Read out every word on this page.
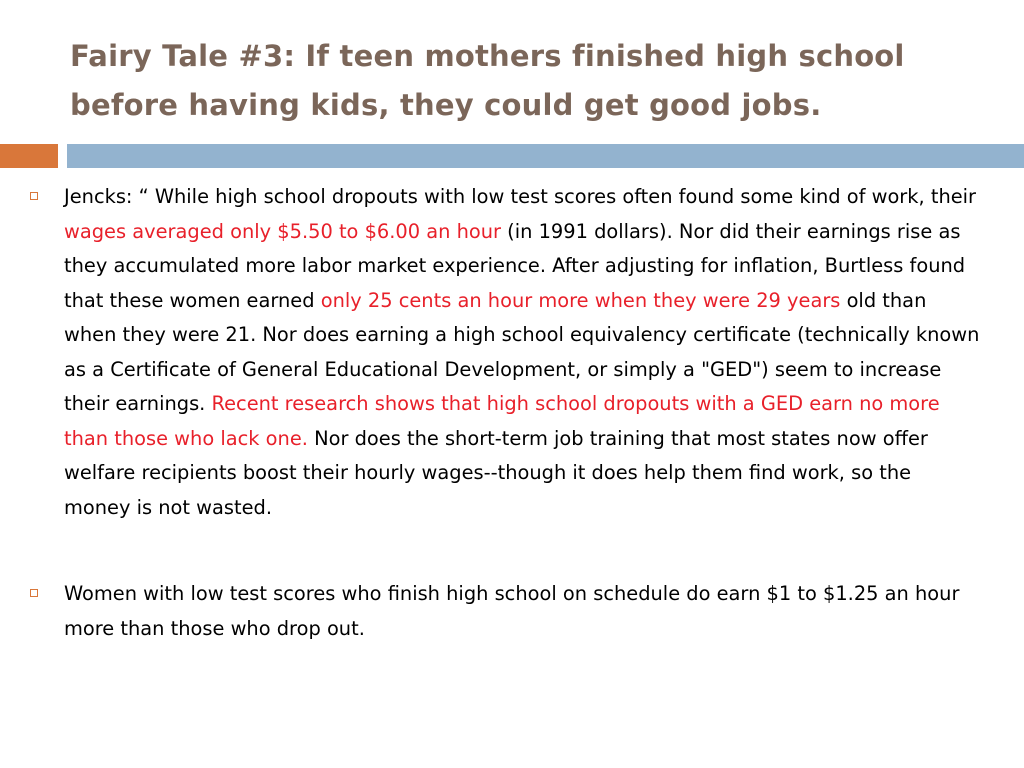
Fairy Tale #3: If teen mothers finished high school
before having kids, they could get good jobs.
Jencks: “ While high school dropouts with low test scores often found some kind of work, their wages averaged only $5.50 to $6.00 an hour (in 1991 dollars). Nor did their earnings rise as they accumulated more labor market experience. After adjusting for inflation, Burtless found that these women earned only 25 cents an hour more when they were 29 years old than when they were 21. Nor does earning a high school equivalency certificate (technically known as a Certificate of General Educational Development, or simply a "GED") seem to increase their earnings. Recent research shows that high school dropouts with a GED earn no more than those who lack one. Nor does the short-term job training that most states now offer welfare recipients boost their hourly wages--though it does help them find work, so the money is not wasted.
Women with low test scores who finish high school on schedule do earn $1 to $1.25 an hour more than those who drop out.
